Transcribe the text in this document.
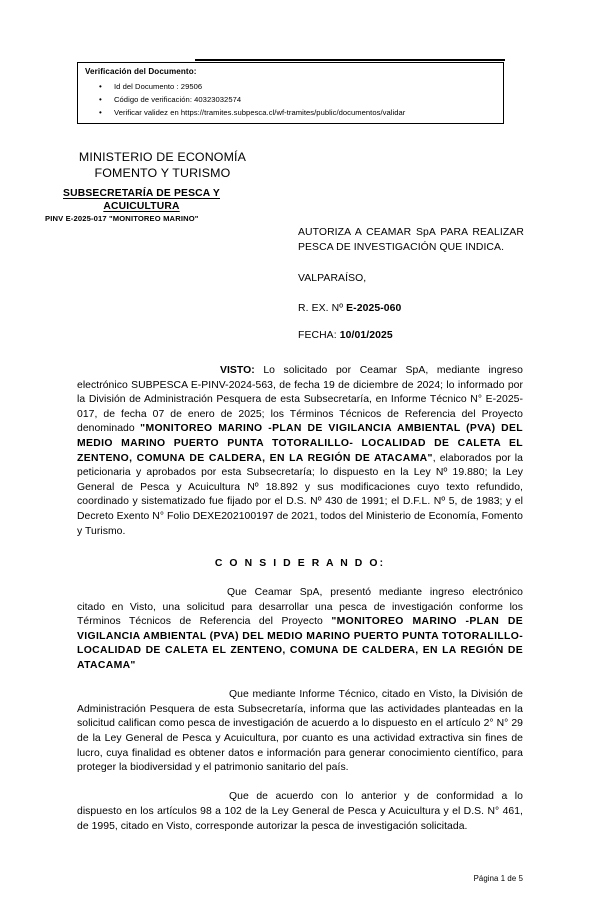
Verificación del Documento:
• Id del Documento : 29506
• Código de verificación: 40323032574
• Verificar validez en https://tramites.subpesca.cl/wf-tramites/public/documentos/validar
MINISTERIO DE ECONOMÍA
FOMENTO Y TURISMO
SUBSECRETARÍA DE PESCA Y
ACUICULTURA
PINV E-2025-017 "MONITOREO MARINO"
AUTORIZA A CEAMAR SpA PARA REALIZAR PESCA DE INVESTIGACIÓN QUE INDICA.
VALPARAÍSO,
R. EX. Nº E-2025-060
FECHA: 10/01/2025
VISTO: Lo solicitado por Ceamar SpA, mediante ingreso electrónico SUBPESCA E-PINV-2024-563, de fecha 19 de diciembre de 2024; lo informado por la División de Administración Pesquera de esta Subsecretaría, en Informe Técnico N° E-2025-017, de fecha 07 de enero de 2025; los Términos Técnicos de Referencia del Proyecto denominado "MONITOREO MARINO -PLAN DE VIGILANCIA AMBIENTAL (PVA) DEL MEDIO MARINO PUERTO PUNTA TOTORALILLO- LOCALIDAD DE CALETA EL ZENTENO, COMUNA DE CALDERA, EN LA REGIÓN DE ATACAMA", elaborados por la peticionaria y aprobados por esta Subsecretaría; lo dispuesto en la Ley Nº 19.880; la Ley General de Pesca y Acuicultura Nº 18.892 y sus modificaciones cuyo texto refundido, coordinado y sistematizado fue fijado por el D.S. Nº 430 de 1991; el D.F.L. Nº 5, de 1983; y el Decreto Exento N° Folio DEXE202100197 de 2021, todos del Ministerio de Economía, Fomento y Turismo.
C O N S I D E R A N D O:
Que Ceamar SpA, presentó mediante ingreso electrónico citado en Visto, una solicitud para desarrollar una pesca de investigación conforme los Términos Técnicos de Referencia del Proyecto "MONITOREO MARINO -PLAN DE VIGILANCIA AMBIENTAL (PVA) DEL MEDIO MARINO PUERTO PUNTA TOTORALILLO- LOCALIDAD DE CALETA EL ZENTENO, COMUNA DE CALDERA, EN LA REGIÓN DE ATACAMA"
Que mediante Informe Técnico, citado en Visto, la División de Administración Pesquera de esta Subsecretaría, informa que las actividades planteadas en la solicitud califican como pesca de investigación de acuerdo a lo dispuesto en el artículo 2° N° 29 de la Ley General de Pesca y Acuicultura, por cuanto es una actividad extractiva sin fines de lucro, cuya finalidad es obtener datos e información para generar conocimiento científico, para proteger la biodiversidad y el patrimonio sanitario del país.
Que de acuerdo con lo anterior y de conformidad a lo dispuesto en los artículos 98 a 102 de la Ley General de Pesca y Acuicultura y el D.S. N° 461, de 1995, citado en Visto, corresponde autorizar la pesca de investigación solicitada.
Página 1 de 5
